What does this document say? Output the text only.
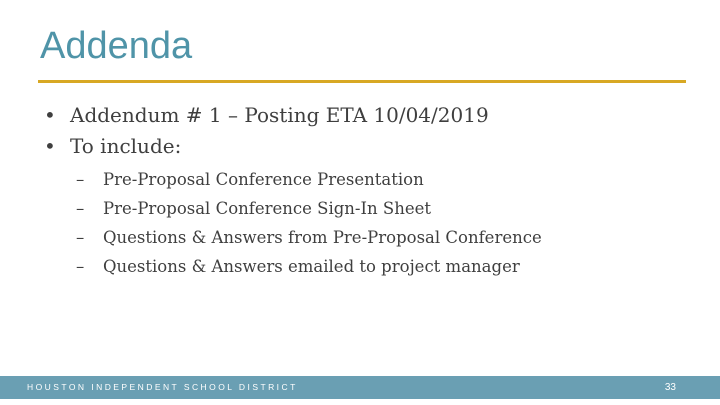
Addenda
• Addendum # 1 – Posting ETA 10/04/2019
• To include:
– Pre-Proposal Conference Presentation
– Pre-Proposal Conference Sign-In Sheet
– Questions & Answers from Pre-Proposal Conference
– Questions & Answers emailed to project manager
HOUSTON INDEPENDENT SCHOOL DISTRICT	33
